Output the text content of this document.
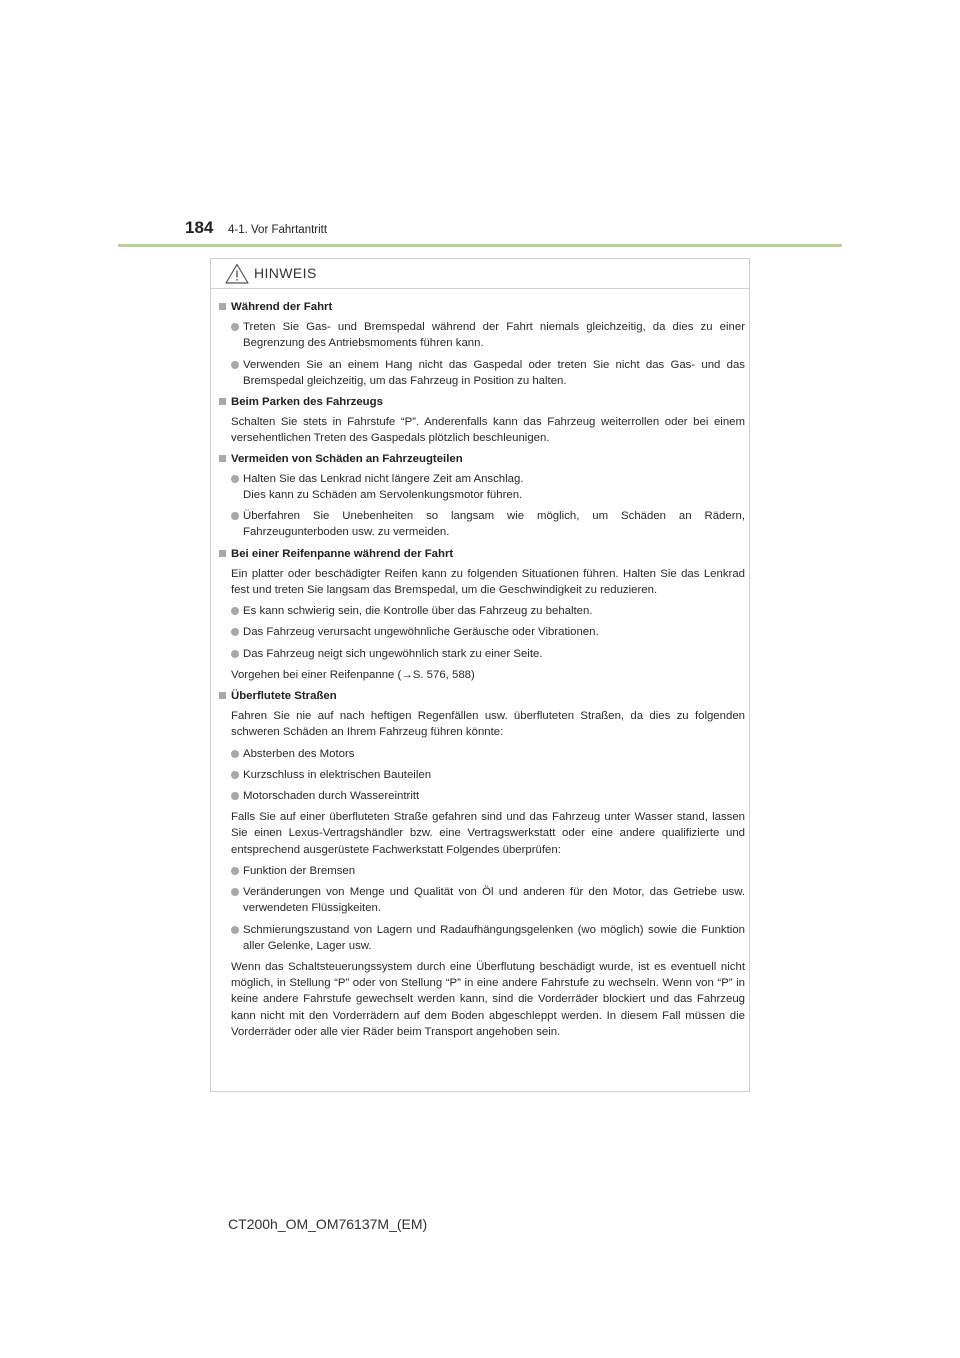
184 4-1. Vor Fahrtantritt
HINWEIS
Während der Fahrt
Treten Sie Gas- und Bremspedal während der Fahrt niemals gleichzeitig, da dies zu einer Begrenzung des Antriebsmoments führen kann.
Verwenden Sie an einem Hang nicht das Gaspedal oder treten Sie nicht das Gas- und das Bremspedal gleichzeitig, um das Fahrzeug in Position zu halten.
Beim Parken des Fahrzeugs
Schalten Sie stets in Fahrstufe “P”. Anderenfalls kann das Fahrzeug weiterrollen oder bei einem versehentlichen Treten des Gaspedals plötzlich beschleunigen.
Vermeiden von Schäden an Fahrzeugteilen
Halten Sie das Lenkrad nicht längere Zeit am Anschlag.
Dies kann zu Schäden am Servolenkungsmotor führen.
Überfahren Sie Unebenheiten so langsam wie möglich, um Schäden an Rädern, Fahrzeugunterboden usw. zu vermeiden.
Bei einer Reifenpanne während der Fahrt
Ein platter oder beschädigter Reifen kann zu folgenden Situationen führen. Halten Sie das Lenkrad fest und treten Sie langsam das Bremspedal, um die Geschwindigkeit zu reduzieren.
Es kann schwierig sein, die Kontrolle über das Fahrzeug zu behalten.
Das Fahrzeug verursacht ungewöhnliche Geräusche oder Vibrationen.
Das Fahrzeug neigt sich ungewöhnlich stark zu einer Seite.
Vorgehen bei einer Reifenpanne (→S. 576, 588)
Überflutete Straßen
Fahren Sie nie auf nach heftigen Regenfällen usw. überfluteten Straßen, da dies zu folgenden schweren Schäden an Ihrem Fahrzeug führen könnte:
Absterben des Motors
Kurzschluss in elektrischen Bauteilen
Motorschaden durch Wassereintritt
Falls Sie auf einer überfluteten Straße gefahren sind und das Fahrzeug unter Wasser stand, lassen Sie einen Lexus-Vertragshändler bzw. eine Vertragswerkstatt oder eine andere qualifizierte und entsprechend ausgerüstete Fachwerkstatt Folgendes überprüfen:
Funktion der Bremsen
Veränderungen von Menge und Qualität von Öl und anderen für den Motor, das Getriebe usw. verwendeten Flüssigkeiten.
Schmierungszustand von Lagern und Radaufhängungsgelenken (wo möglich) sowie die Funktion aller Gelenke, Lager usw.
Wenn das Schaltsteuerungssystem durch eine Überflutung beschädigt wurde, ist es eventuell nicht möglich, in Stellung “P” oder von Stellung “P” in eine andere Fahrstufe zu wechseln. Wenn von “P” in keine andere Fahrstufe gewechselt werden kann, sind die Vorderräder blockiert und das Fahrzeug kann nicht mit den Vorderrädern auf dem Boden abgeschleppt werden. In diesem Fall müssen die Vorderräder oder alle vier Räder beim Transport angehoben sein.
CT200h_OM_OM76137M_(EM)
